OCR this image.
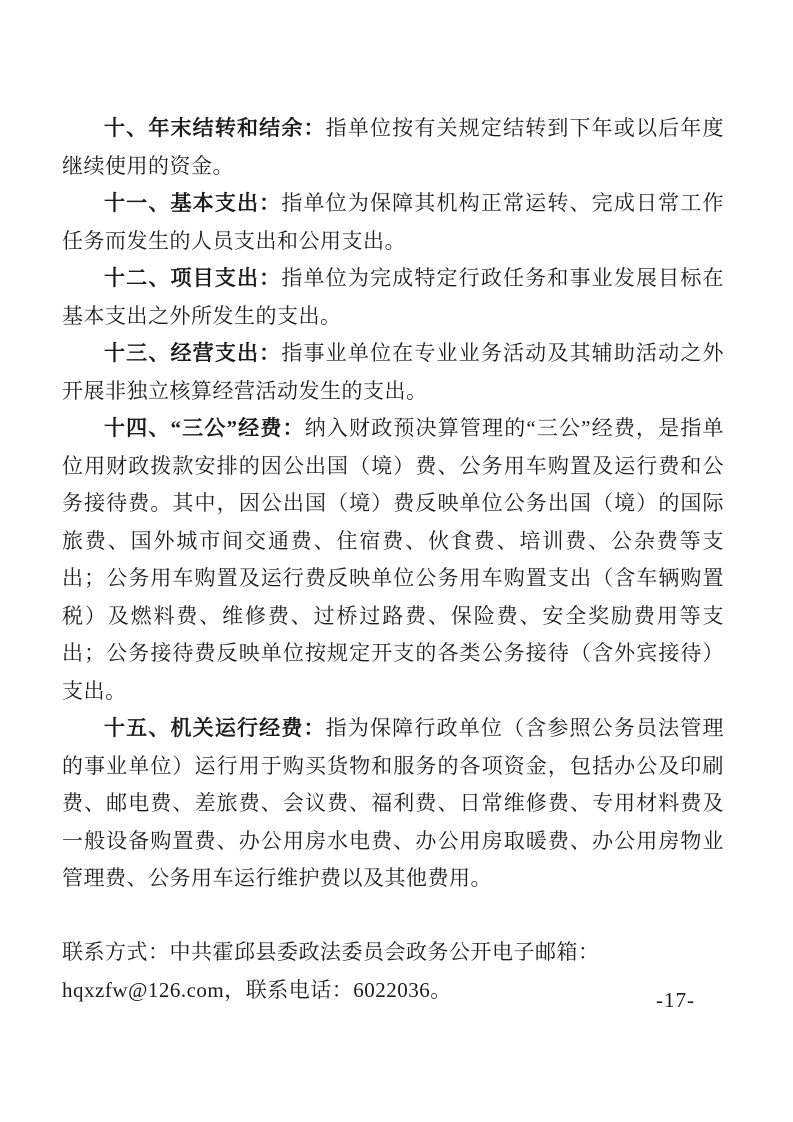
十、年末结转和结余：指单位按有关规定结转到下年或以后年度继续使用的资金。

十一、基本支出：指单位为保障其机构正常运转、完成日常工作任务而发生的人员支出和公用支出。

十二、项目支出：指单位为完成特定行政任务和事业发展目标在基本支出之外所发生的支出。

十三、经营支出：指事业单位在专业业务活动及其辅助活动之外开展非独立核算经营活动发生的支出。

十四、“三公”经费：纳入财政预决算管理的“三公”经费，是指单位用财政拨款安排的因公出国（境）费、公务用车购置及运行费和公务接待费。其中，因公出国（境）费反映单位公务出国（境）的国际旅费、国外城市间交通费、住宿费、伙食费、培训费、公杂费等支出；公务用车购置及运行费反映单位公务用车购置支出（含车辆购置税）及燃料费、维修费、过桥过路费、保险费、安全奖励费用等支出；公务接待费反映单位按规定开支的各类公务接待（含外宾接待）支出。

十五、机关运行经费：指为保障行政单位（含参照公务员法管理的事业单位）运行用于购买货物和服务的各项资金，包括办公及印刷费、邮电费、差旅费、会议费、福利费、日常维修费、专用材料费及一般设备购置费、办公用房水电费、办公用房取暖费、办公用房物业管理费、公务用车运行维护费以及其他费用。

联系方式：中共霍邱县委政法委员会政务公开电子邮箱：
hqxzfw@126.com，联系电话：6022036。	-17-
